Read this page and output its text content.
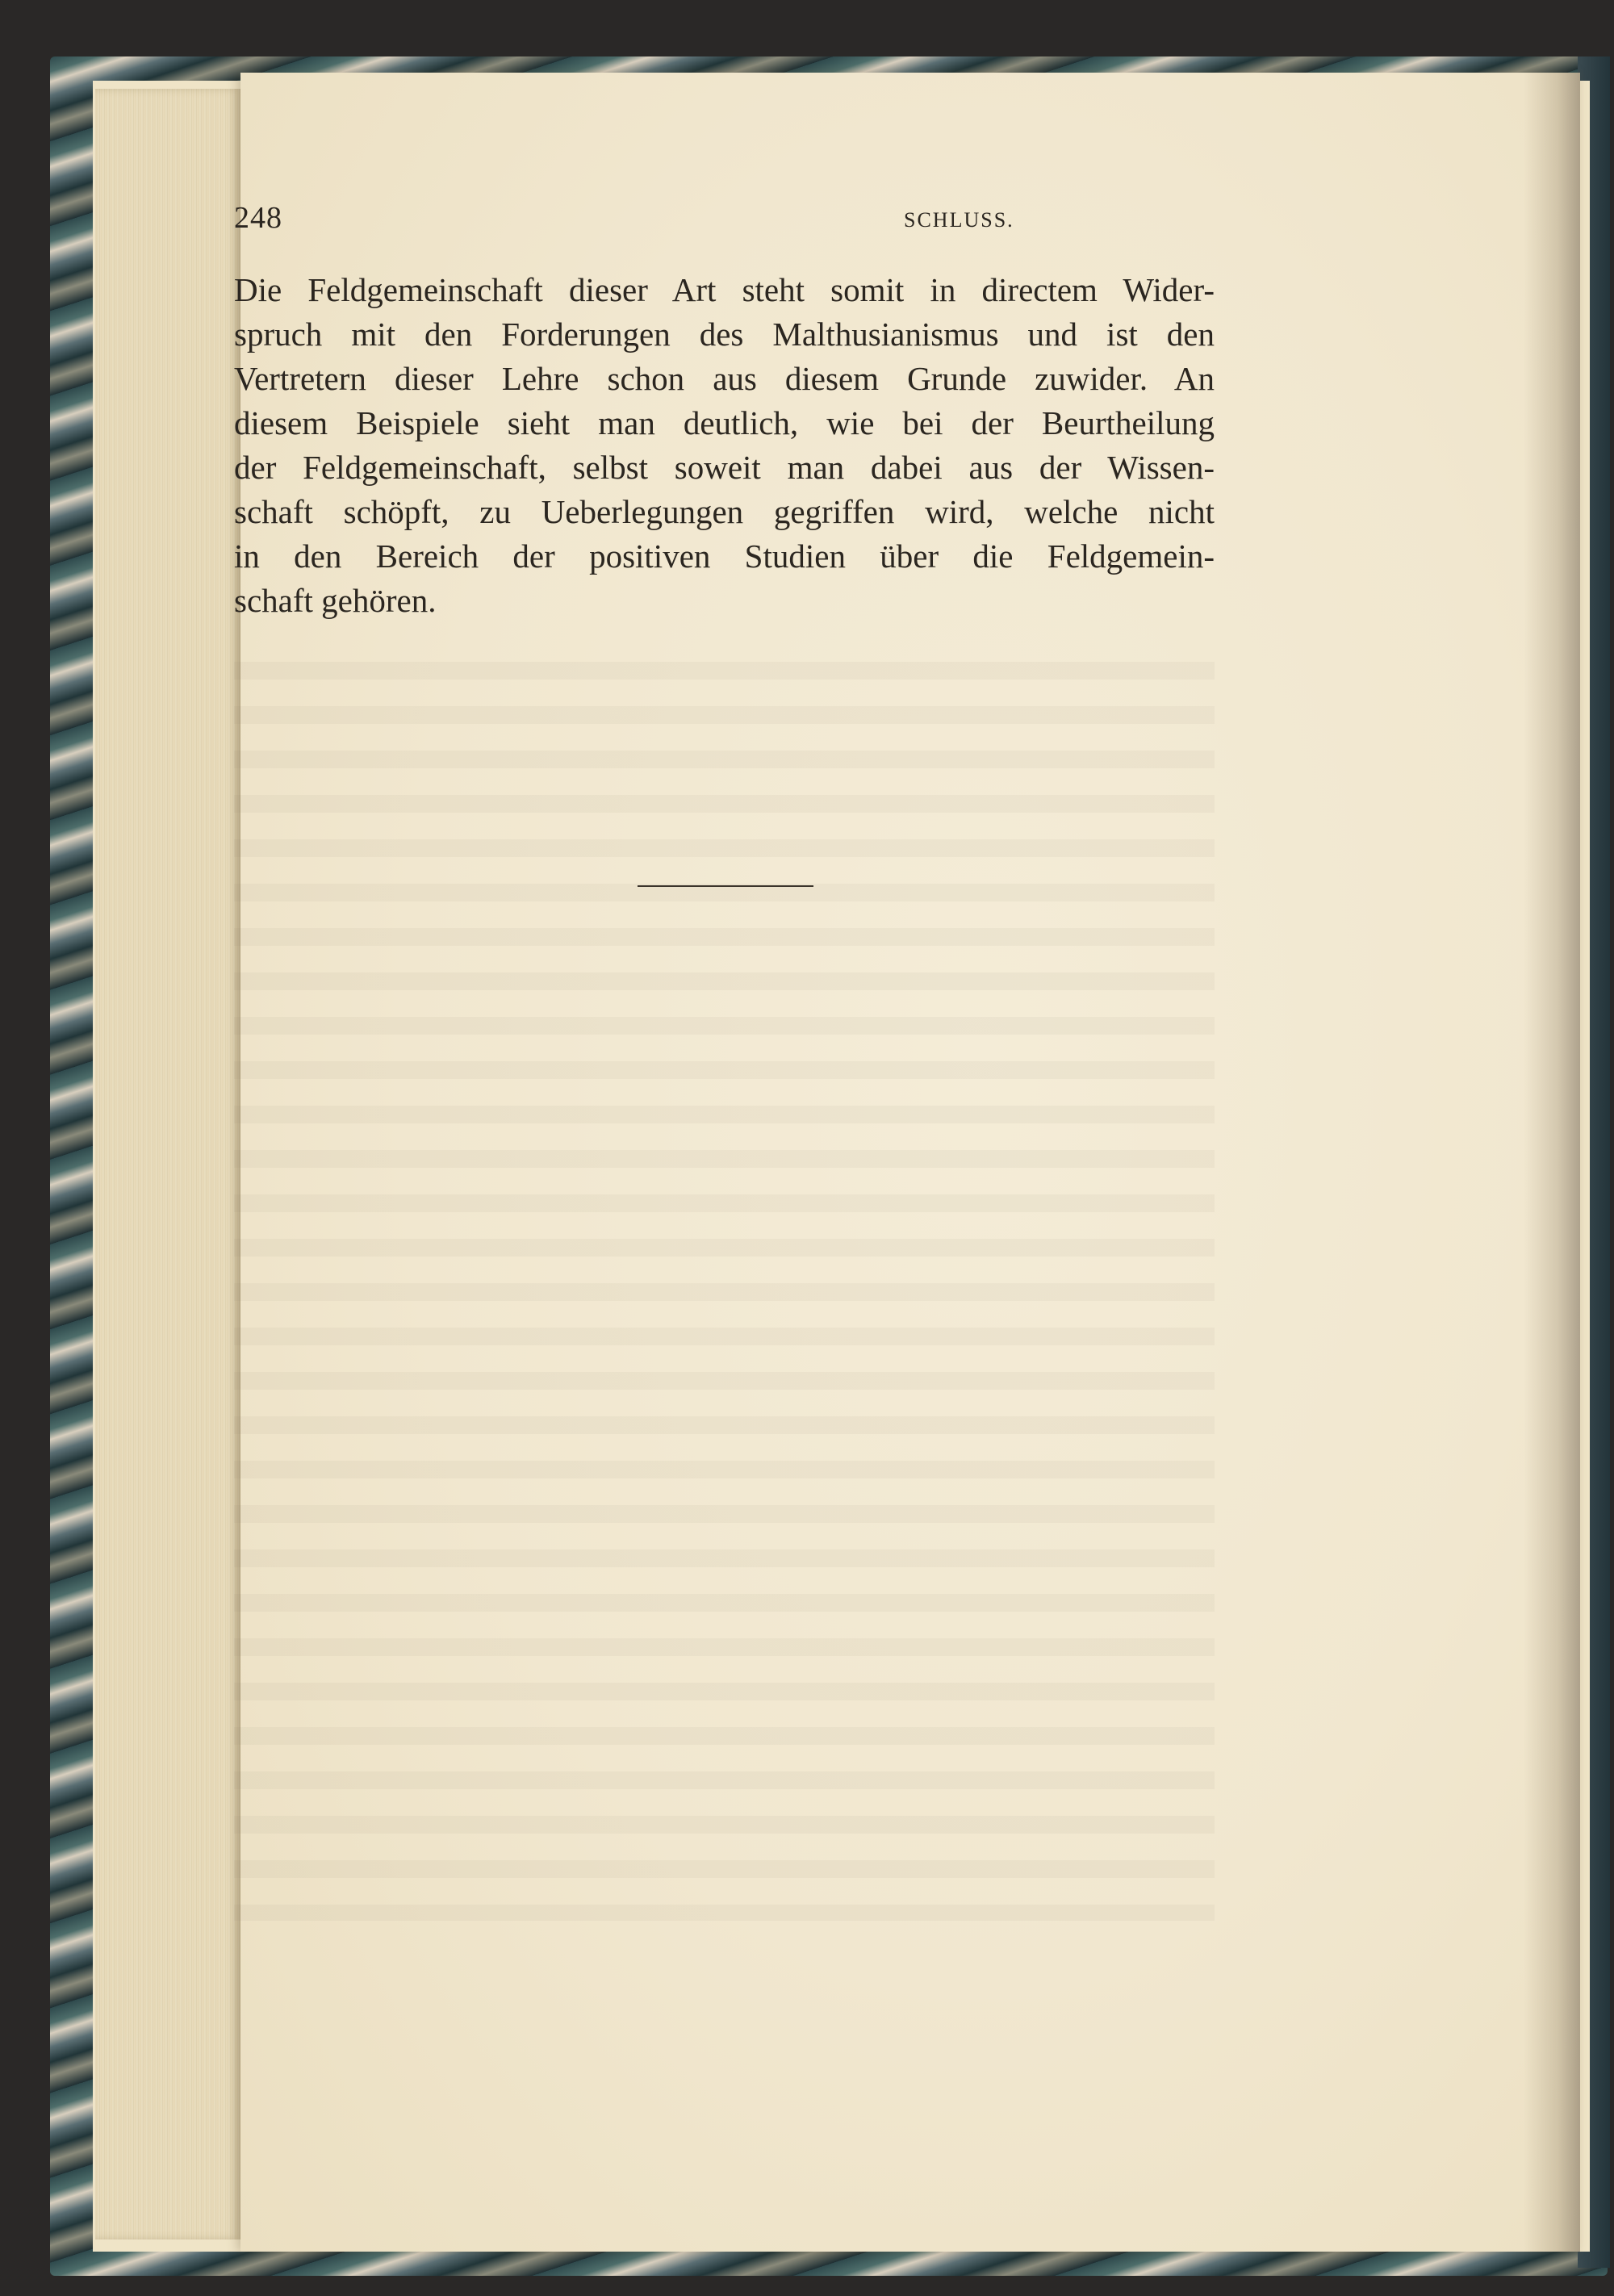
248	SCHLUSS.
Die Feldgemeinschaft dieser Art steht somit in directem Wider-
spruch mit den Forderungen des Malthusianismus und ist den
Vertretern dieser Lehre schon aus diesem Grunde zuwider. An
diesem Beispiele sieht man deutlich, wie bei der Beurtheilung
der Feldgemeinschaft, selbst soweit man dabei aus der Wissen-
schaft schöpft, zu Ueberlegungen gegriffen wird, welche nicht
in den Bereich der positiven Studien über die Feldgemein-
schaft gehören.
